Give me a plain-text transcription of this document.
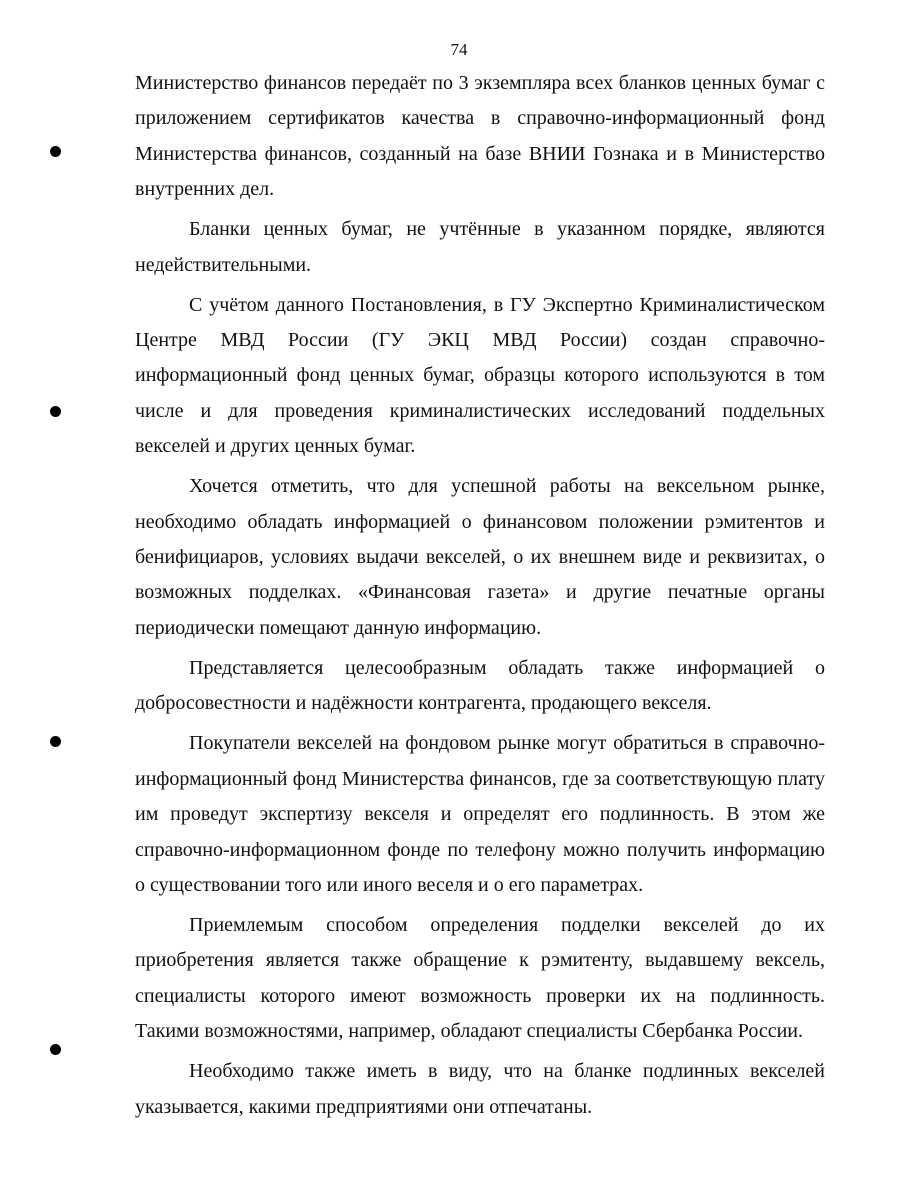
74

Министерство финансов передаёт по 3 экземпляра всех бланков ценных бумаг с приложением сертификатов качества в справочно-информационный фонд Министерства финансов, созданный на базе ВНИИ Гознака и в Министерство внутренних дел.

Бланки ценных бумаг, не учтённые в указанном порядке, являются недействительными.

С учётом данного Постановления, в ГУ Экспертно Криминалистическом Центре МВД России (ГУ ЭКЦ МВД России) создан справочно-информационный фонд ценных бумаг, образцы которого используются в том числе и для проведения криминалистических исследований поддельных векселей и других ценных бумаг.

Хочется отметить, что для успешной работы на вексельном рынке, необходимо обладать информацией о финансовом положении рэмитентов и бенифициаров, условиях выдачи векселей, о их внешнем виде и реквизитах, о возможных подделках. «Финансовая газета» и другие печатные органы периодически помещают данную информацию.

Представляется целесообразным обладать также информацией о добросовестности и надёжности контрагента, продающего векселя.

Покупатели векселей на фондовом рынке могут обратиться в справочно-информационный фонд Министерства финансов, где за соответствующую плату им проведут экспертизу векселя и определят его подлинность. В этом же справочно-информационном фонде по телефону можно получить информацию о существовании того или иного веселя и о его параметрах.

Приемлемым способом определения подделки векселей до их приобретения является также обращение к рэмитенту, выдавшему вексель, специалисты которого имеют возможность проверки их на подлинность. Такими возможностями, например, обладают специалисты Сбербанка России.

Необходимо также иметь в виду, что на бланке подлинных векселей указывается, какими предприятиями они отпечатаны.
